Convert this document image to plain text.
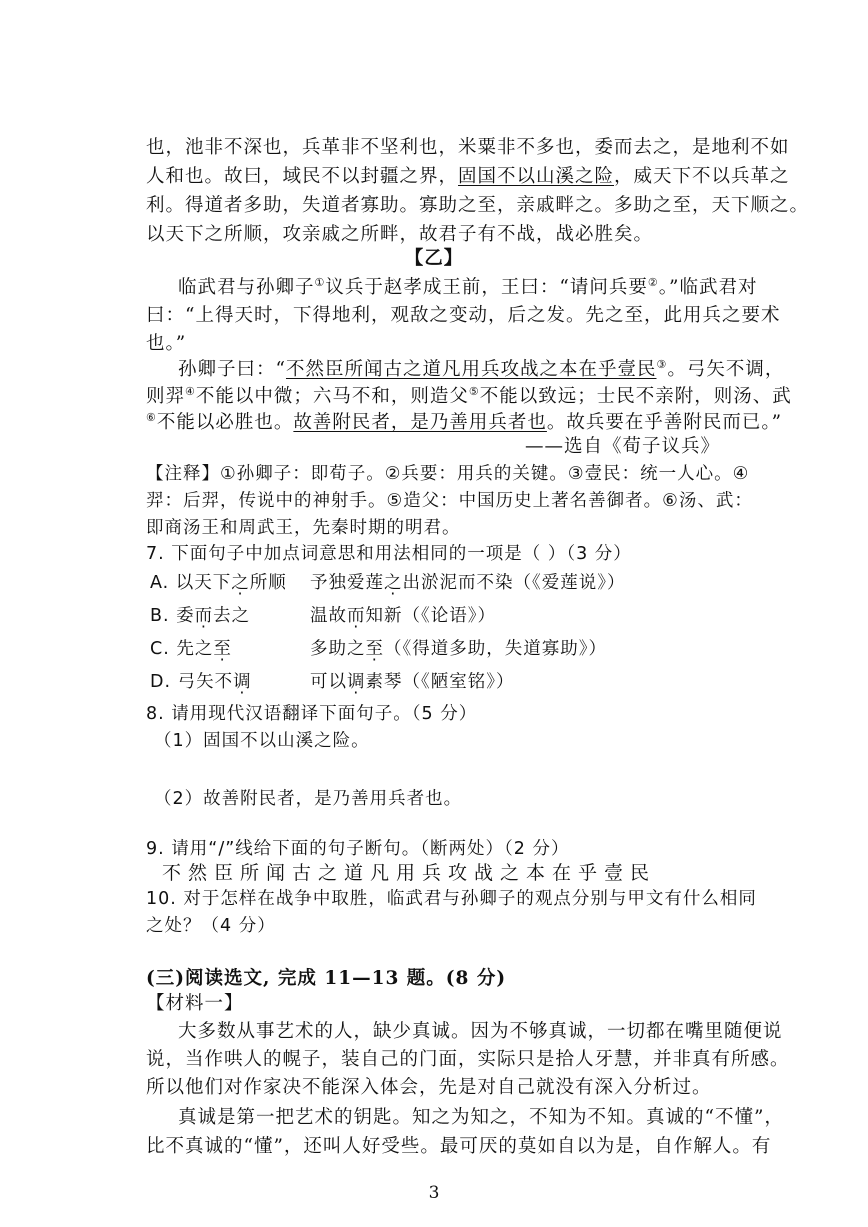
也，池非不深也，兵革非不坚利也，米粟非不多也，委而去之，是地利不如
人和也。故曰，域民不以封疆之界，固国不以山溪之险，威天下不以兵革之
利。得道者多助，失道者寡助。寡助之至，亲戚畔之。多助之至，天下顺之。
以天下之所顺，攻亲戚之所畔，故君子有不战，战必胜矣。
【乙】
临武君与孙卿子①议兵于赵孝成王前，王曰：“请问兵要②。”临武君对
曰：“上得天时，下得地利，观敌之变动，后之发。先之至，此用兵之要术
也。”
孙卿子曰：“不然臣所闻古之道凡用兵攻战之本在乎壹民③。弓矢不调，
则羿④不能以中微；六马不和，则造父⑤不能以致远；士民不亲附，则汤、武
⑥不能以必胜也。故善附民者，是乃善用兵者也。故兵要在乎善附民而已。”
——选自《荀子议兵》
【注释】①孙卿子：即荀子。②兵要：用兵的关键。③壹民：统一人心。④
羿：后羿，传说中的神射手。⑤造父：中国历史上著名善御者。⑥汤、武：
即商汤王和周武王，先秦时期的明君。
7. 下面句子中加点词意思和用法相同的一项是（ ）（3 分）
A. 以天下之所顺 予独爱莲之出淤泥而不染（《爱莲说》）
B. 委而去之	温故而知新（《论语》）
C. 先之至	多助之至（《得道多助，失道寡助》）
D. 弓矢不调	可以调素琴（《陋室铭》）
8. 请用现代汉语翻译下面句子。（5 分）
（1）固国不以山溪之险。
（2）故善附民者，是乃善用兵者也。
9. 请用“/”线给下面的句子断句。（断两处）（2 分）
不然臣所闻古之道凡用兵攻战之本在乎壹民
10. 对于怎样在战争中取胜，临武君与孙卿子的观点分别与甲文有什么相同
之处？（4 分）
(三)阅读选文, 完成 11—13 题。(8 分)
【材料一】
大多数从事艺术的人，缺少真诚。因为不够真诚，一切都在嘴里随便说
说，当作哄人的幌子，装自己的门面，实际只是拾人牙慧，并非真有所感。
所以他们对作家决不能深入体会，先是对自己就没有深入分析过。
真诚是第一把艺术的钥匙。知之为知之，不知为不知。真诚的“不懂”，
比不真诚的“懂”，还叫人好受些。最可厌的莫如自以为是，自作解人。有
3
